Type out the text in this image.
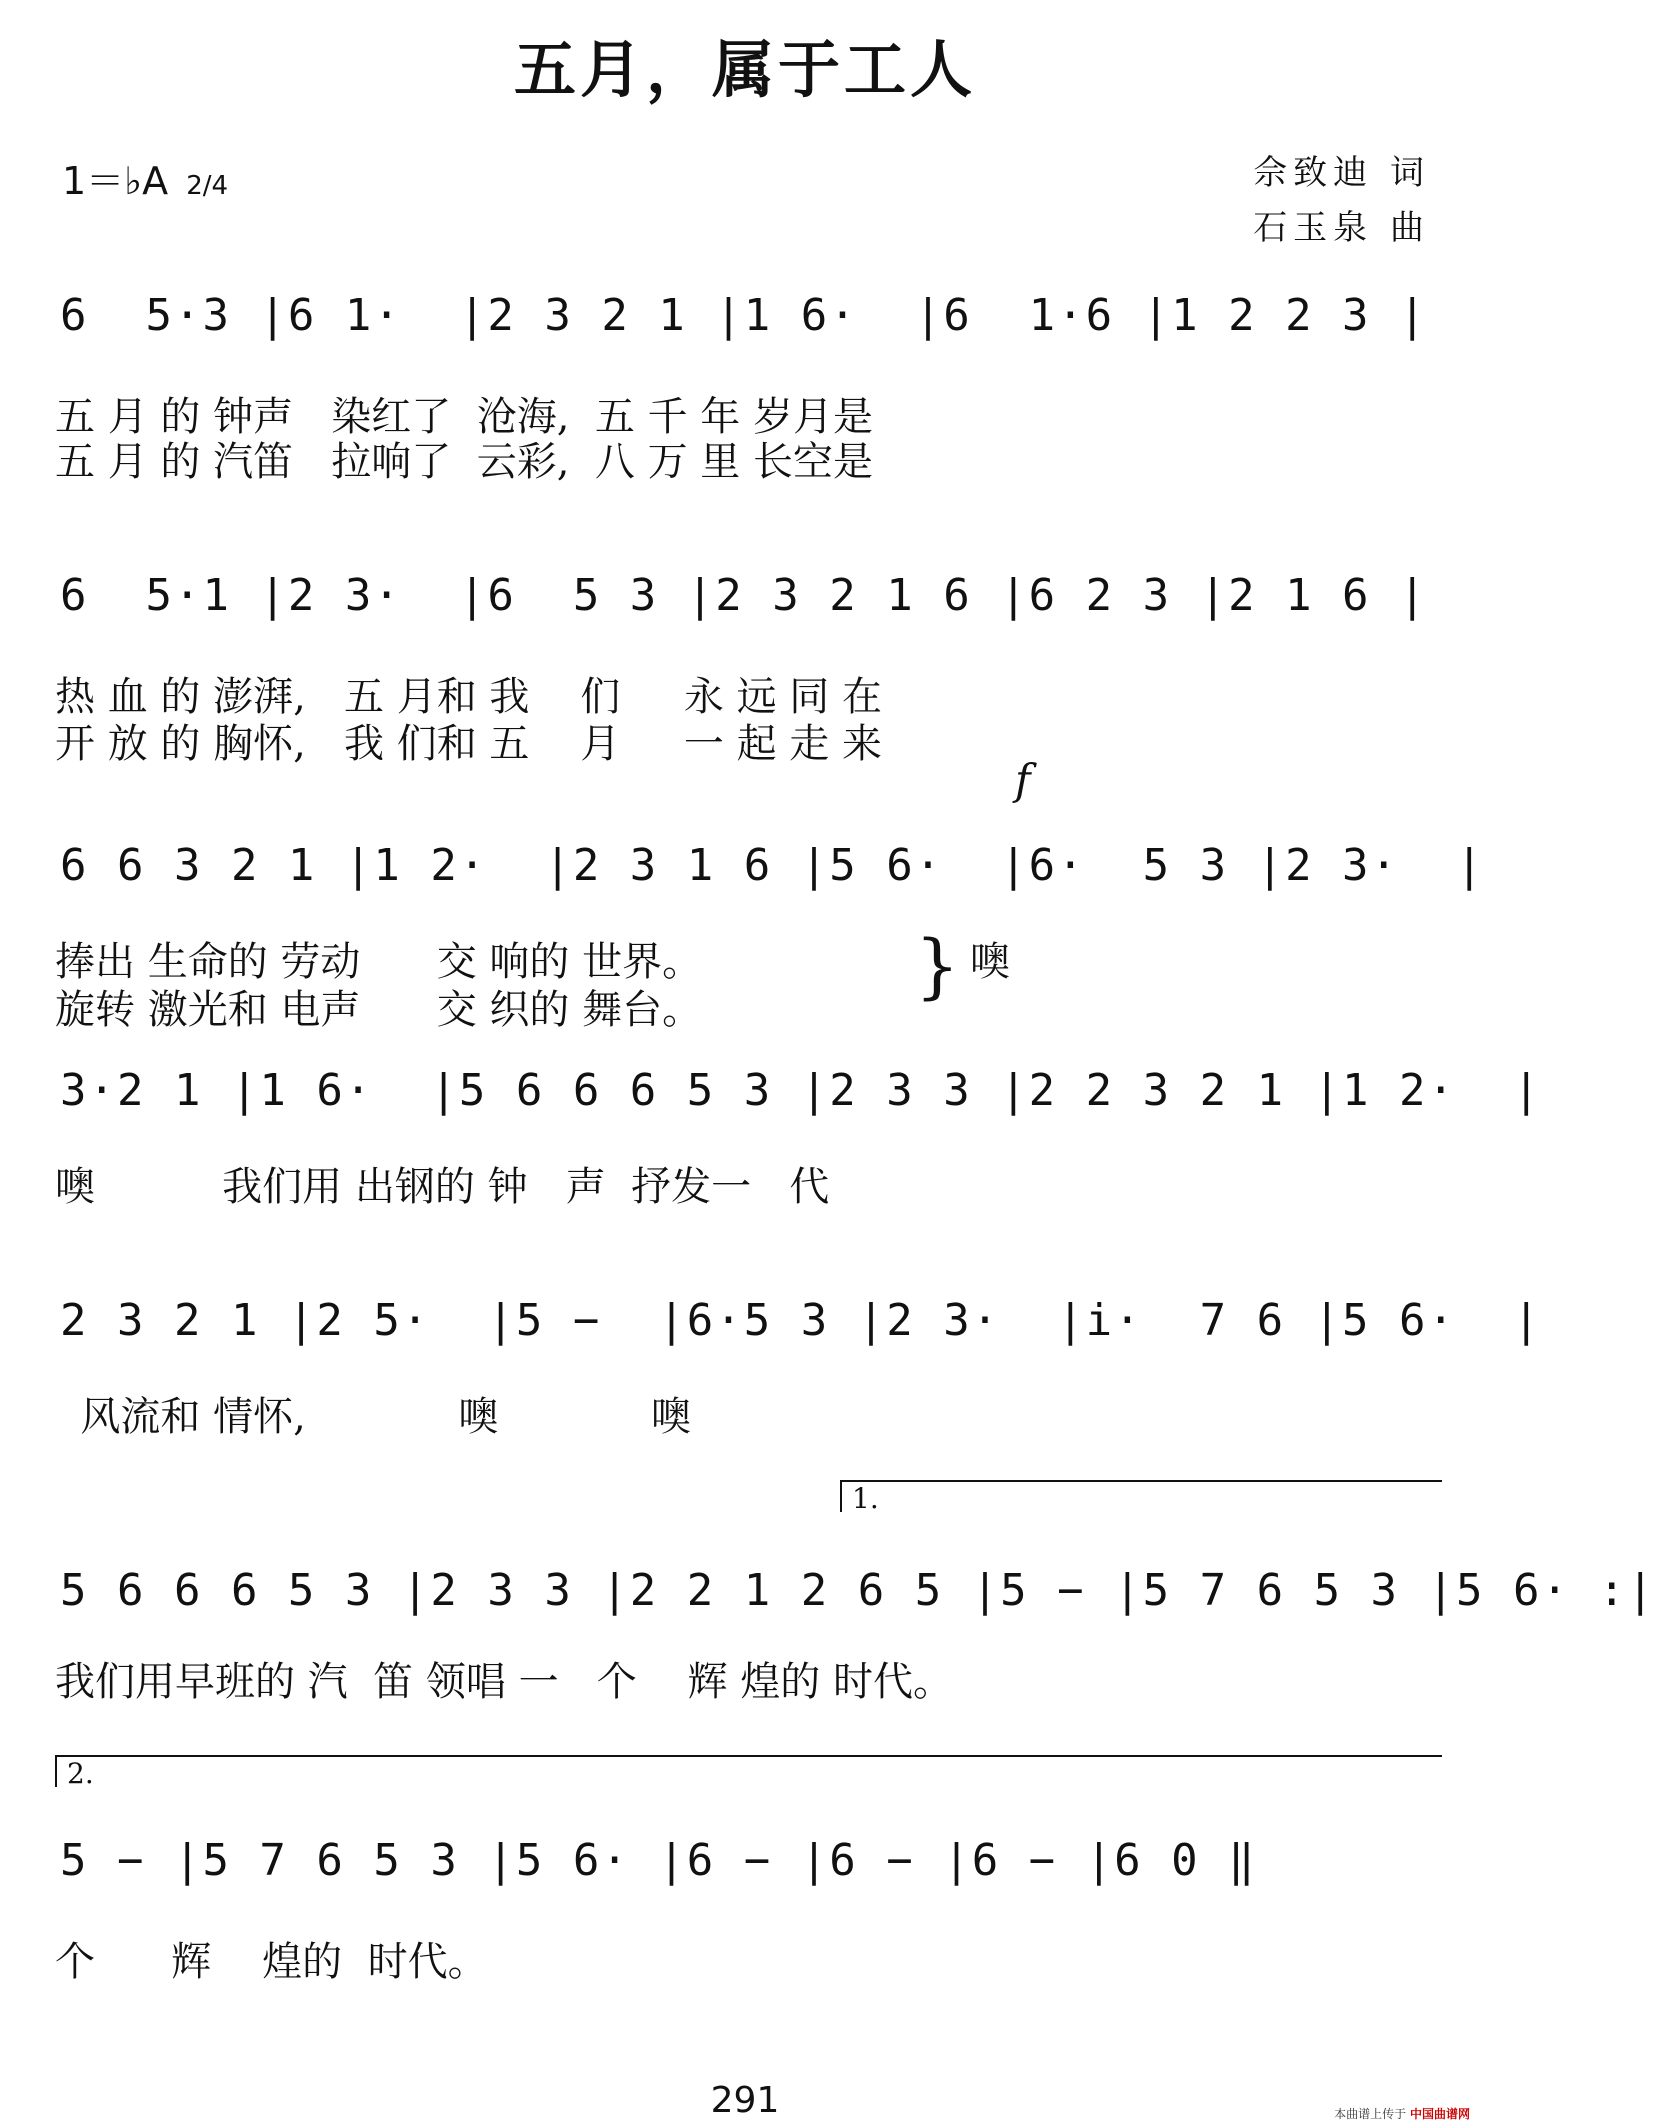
五月，属于工人
1＝♭A 2/4	佘致迪 词
石玉泉 曲
6  5·3 |6 1·  |2 3 2 1 |1 6·  |6  1·6 |1 2 2 3 |
五 月 的 钟声   染红了  沧海,  五 千 年 岁月是
五 月 的 汽笛   拉响了  云彩,  八 万 里 长空是
6  5·1 |2 3·  |6  5 3 |2 3 2 1 6 |6 2 3 |2 1 6 |
热 血 的 澎湃,   五 月和 我    们     永 远 同 在
开 放 的 胸怀,   我 们和 五    月     一 起 走 来
f
6 6 3 2 1 |1 2·  |2 3 1 6 |5 6·  |6·  5 3 |2 3·  |
捧出 生命的 劳动      交 响的 世界。
旋转 激光和 电声      交 织的 舞台。
} 噢
3·2 1 |1 6·  |5 6 6 6 5 3 |2 3 3 |2 2 3 2 1 |1 2·  |
噢          我们用 出钢的 钟   声  抒发一   代
2 3 2 1 |2 5·  |5 −  |6·5 3 |2 3·  |i·  7 6 |5 6·  |
风流和 情怀,            噢            噢
1.
5 6 6 6 5 3 |2 3 3 |2 2 1 2 6 5 |5 − |5 7 6 5 3 |5 6· :|
我们用早班的 汽  笛 领唱 一   个    辉 煌的 时代。
2.
5 − |5 7 6 5 3 |5 6· |6 − |6 − |6 − |6 0 ‖
个      辉    煌的  时代。
291	本曲谱上传于 中国曲谱网
